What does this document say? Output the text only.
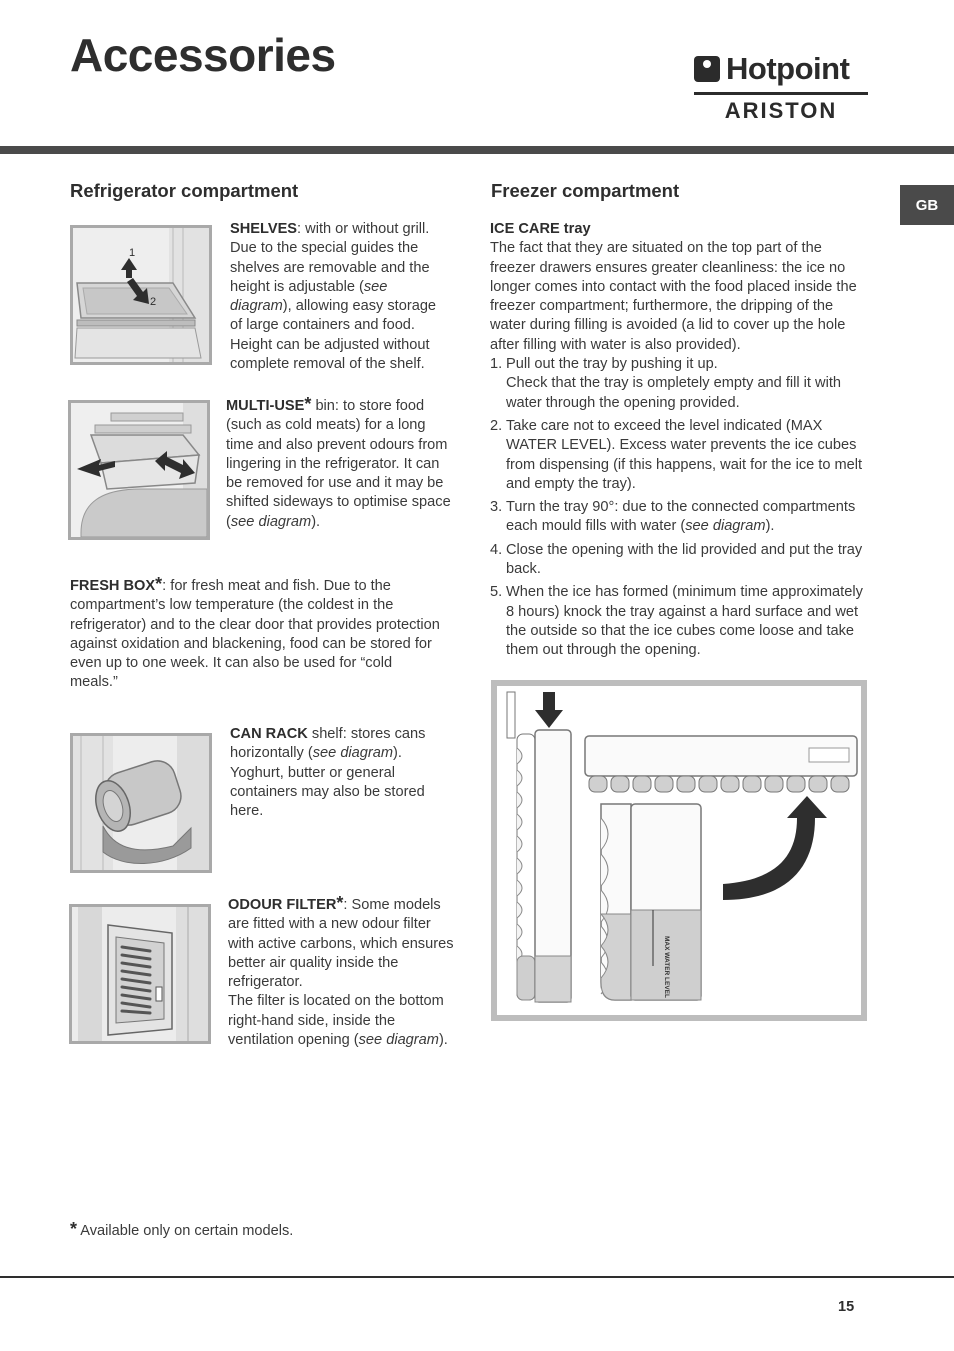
Accessories	Hotpoint
ARISTON
GB
Refrigerator compartment
1
2
SHELVES: with or without grill. Due to the special guides the shelves are removable and the height is adjustable (see diagram), allowing easy storage of large containers and food. Height can be adjusted without complete removal of the shelf.
MULTI-USE* bin: to store food (such as cold meats) for a long time and also prevent odours from lingering in the refrigerator. It can be removed for use and it may be shifted sideways to optimise space (see diagram).
FRESH BOX*: for fresh meat and fish. Due to the compartment’s low temperature (the coldest in the refrigerator) and to the clear door that provides protection against oxidation and blackening, food can be stored for even up to one week. It can also be used for “cold meals.”
CAN RACK shelf: stores cans horizontally (see diagram). Yoghurt, butter or general containers may also be stored here.

ODOUR FILTER*: Some models are fitted with a new odour filter with active carbons, which ensures better air quality inside the refrigerator.

The filter is located on the bottom right-hand side, inside the ventilation opening (see diagram).

Freezer compartment

ICE CARE tray

The fact that they are situated on the top part of the freezer drawers ensures greater cleanliness: the ice no longer comes into contact with the food placed inside the freezer compartment; furthermore, the dripping of the water during filling is avoided (a lid to cover up the hole after filling with water is also provided).

1. Pull out the tray by pushing it up.
Check that the tray is ompletely empty and fill it with water through the opening provided.
2. Take care not to exceed the level indicated (MAX WATER LEVEL). Excess water prevents the ice cubes from dispensing (if this happens, wait for the ice to melt and empty the tray).
3. Turn the tray 90°: due to the connected compartments each mould fills with water (see diagram).
4. Close the opening with the lid provided and put the tray back.
5. When the ice has formed (minimum time approximately 8 hours) knock the tray against a hard surface and wet the outside so that the ice cubes come loose and take them out through the opening.
MAX WATER LEVEL
* Available only on certain models.
15
